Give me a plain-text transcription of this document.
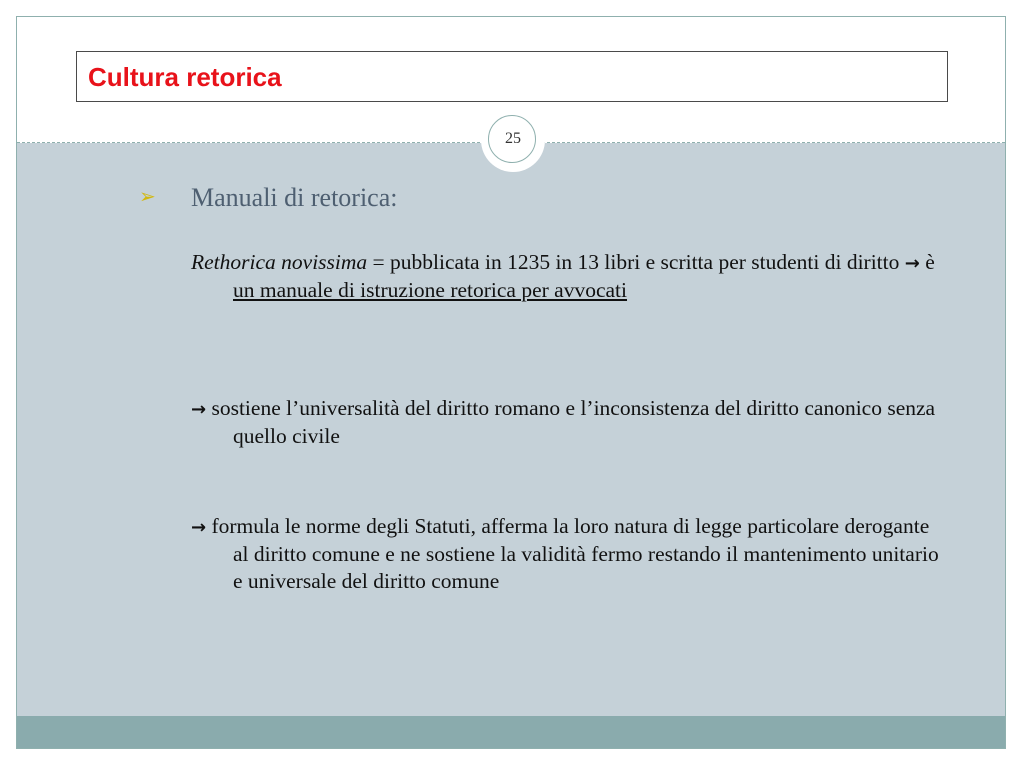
Cultura retorica
25
➢ Manuali di retorica:
Rethorica novissima = pubblicata in 1235 in 13 libri e scritta per studenti di diritto → è un manuale di istruzione retorica per avvocati
→ sostiene l’universalità del diritto romano e l’inconsistenza del diritto canonico senza quello civile
→ formula le norme degli Statuti, afferma la loro natura di legge particolare derogante al diritto comune e ne sostiene la validità fermo restando il mantenimento unitario e universale del diritto comune
